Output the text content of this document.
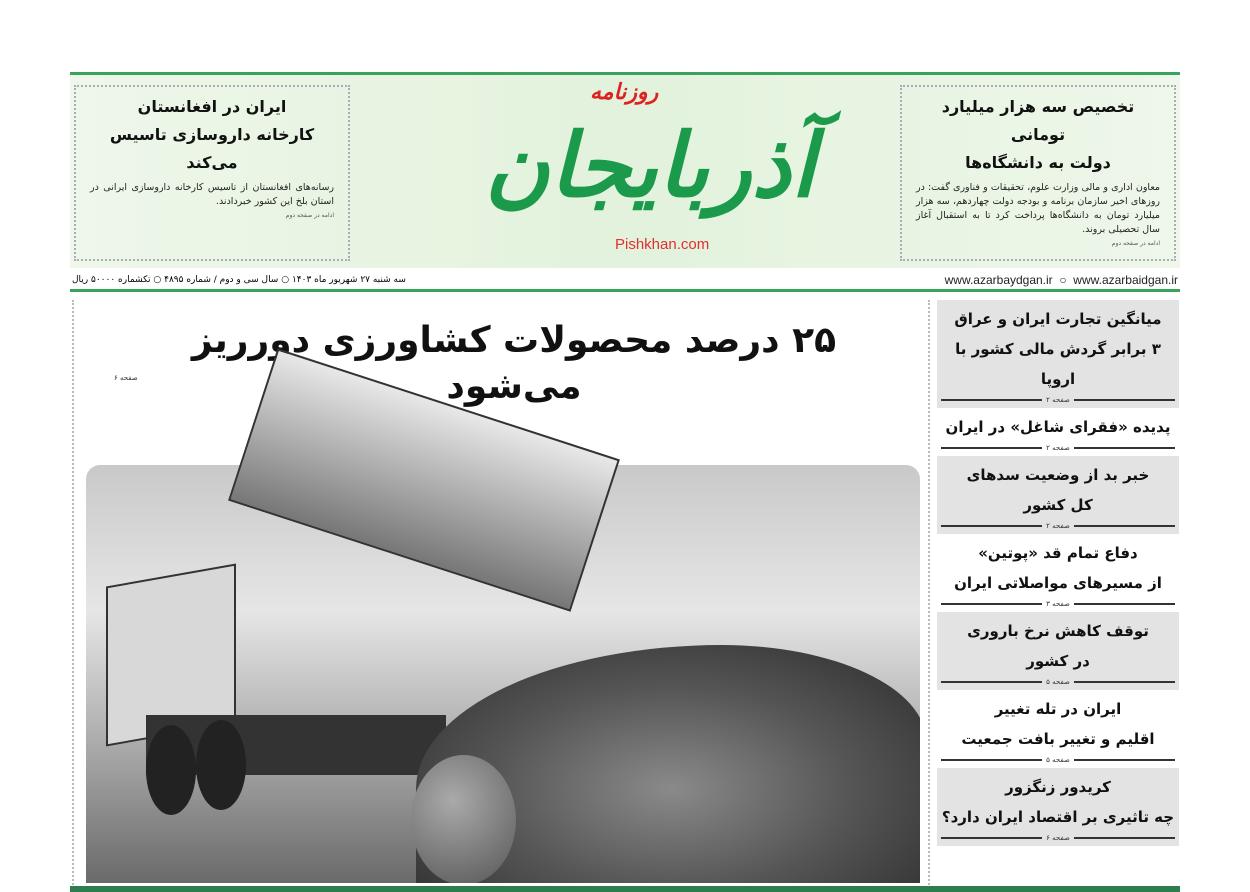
تخصیص سه هزار میلیارد تومانی
دولت به دانشگاه‌ها

معاون اداری و مالی وزارت علوم، تحقیقات و فناوری گفت: در روزهای اخیر سازمان برنامه و بودجه دولت چهاردهم، سه هزار میلیارد تومان به دانشگاه‌ها پرداخت کرد تا به استقبال آغاز سال تحصیلی بروند.

ادامه در صفحه دوم
روزنامه
آذربایجان
Pishkhan.com
ایران در افغانستان
کارخانه داروسازی تاسیس می‌کند

رسانه‌های افغانستان از تاسیس کارخانه داروسازی ایرانی در استان بلخ این کشور خبردادند.

ادامه در صفحه دوم
www.azarbaydgan.ir ○ www.azarbaidgan.ir
سه شنبه ۲۷ شهریور ماه ۱۴۰۳ ○ سال سی و دوم / شماره ۴۸۹۵ ○ تکشماره ۵۰۰۰۰ ریال
۲۵ درصد محصولات کشاورزی دورریز می‌شود
صفحه ۶
میانگین تجارت ایران و عراق
۳ برابر گردش مالی کشور با اروپا
صفحه ۲
پدیده «فقرای شاغل» در ایران
صفحه ۲
خبر بد از وضعیت سدهای
کل کشور
صفحه ۲
دفاع تمام قد «پوتین»
از مسیرهای مواصلاتی ایران
صفحه ۳
توقف کاهش نرخ باروری
در کشور
صفحه ۵
ایران در تله تغییر
اقلیم و تغییر بافت جمعیت
صفحه ۵
کریدور زنگزور
چه تاثیری بر اقتصاد ایران دارد؟
صفحه ۶
